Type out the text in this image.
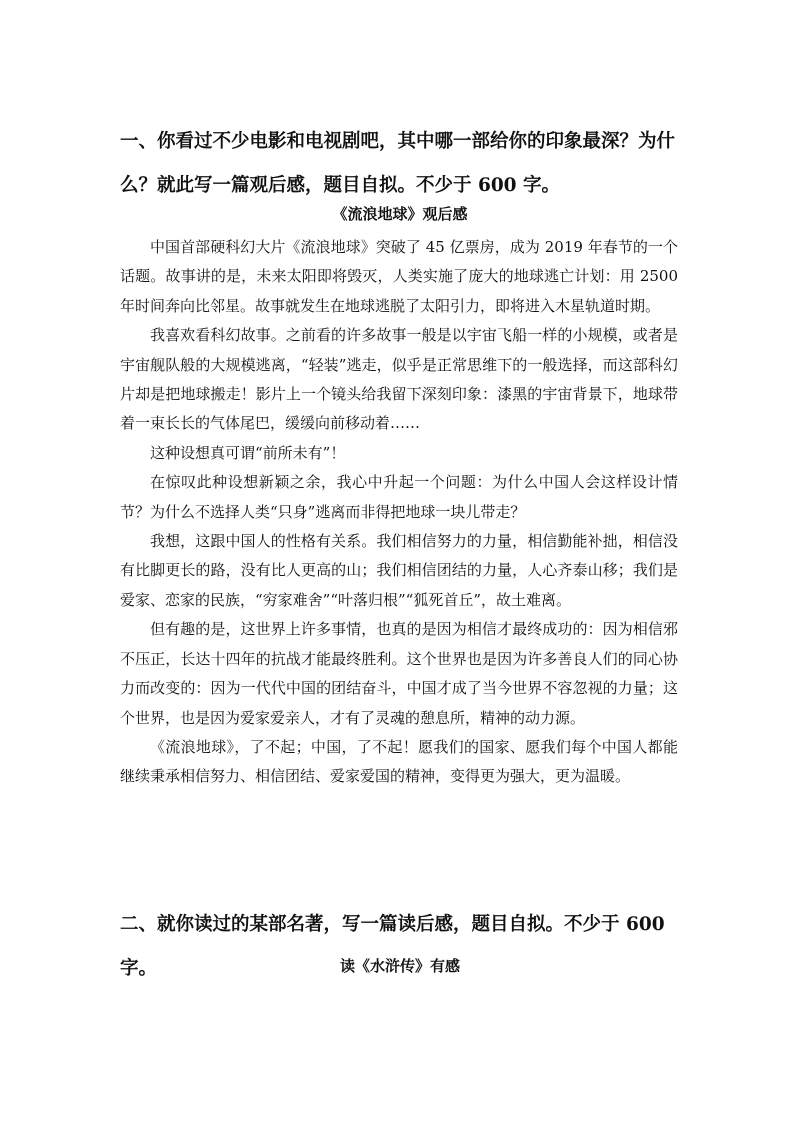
一、你看过不少电影和电视剧吧，其中哪一部给你的印象最深？为什么？就此写一篇观后感，题目自拟。不少于 600 字。
《流浪地球》观后感

中国首部硬科幻大片《流浪地球》突破了 45 亿票房，成为 2019 年春节的一个话题。故事讲的是，未来太阳即将毁灭，人类实施了庞大的地球逃亡计划：用 2500 年时间奔向比邻星。故事就发生在地球逃脱了太阳引力，即将进入木星轨道时期。

我喜欢看科幻故事。之前看的许多故事一般是以宇宙飞船一样的小规模，或者是宇宙舰队般的大规模逃离，“轻装”逃走，似乎是正常思维下的一般选择，而这部科幻片却是把地球搬走！影片上一个镜头给我留下深刻印象：漆黑的宇宙背景下，地球带着一束长长的气体尾巴，缓缓向前移动着……

这种设想真可谓“前所未有”！

在惊叹此种设想新颖之余，我心中升起一个问题：为什么中国人会这样设计情节？为什么不选择人类“只身”逃离而非得把地球一块儿带走？

我想，这跟中国人的性格有关系。我们相信努力的力量，相信勤能补拙，相信没有比脚更长的路，没有比人更高的山；我们相信团结的力量，人心齐泰山移；我们是爱家、恋家的民族，“穷家难舍”“叶落归根”“狐死首丘”，故土难离。

但有趣的是，这世界上许多事情，也真的是因为相信才最终成功的：因为相信邪不压正，长达十四年的抗战才能最终胜利。这个世界也是因为许多善良人们的同心协力而改变的：因为一代代中国的团结奋斗，中国才成了当今世界不容忽视的力量；这个世界，也是因为爱家爱亲人，才有了灵魂的憩息所，精神的动力源。

《流浪地球》，了不起；中国，了不起！愿我们的国家、愿我们每个中国人都能继续秉承相信努力、相信团结、爱家爱国的精神，变得更为强大，更为温暖。

二、就你读过的某部名著，写一篇读后感，题目自拟。不少于 600 字。	读《水浒传》有感
